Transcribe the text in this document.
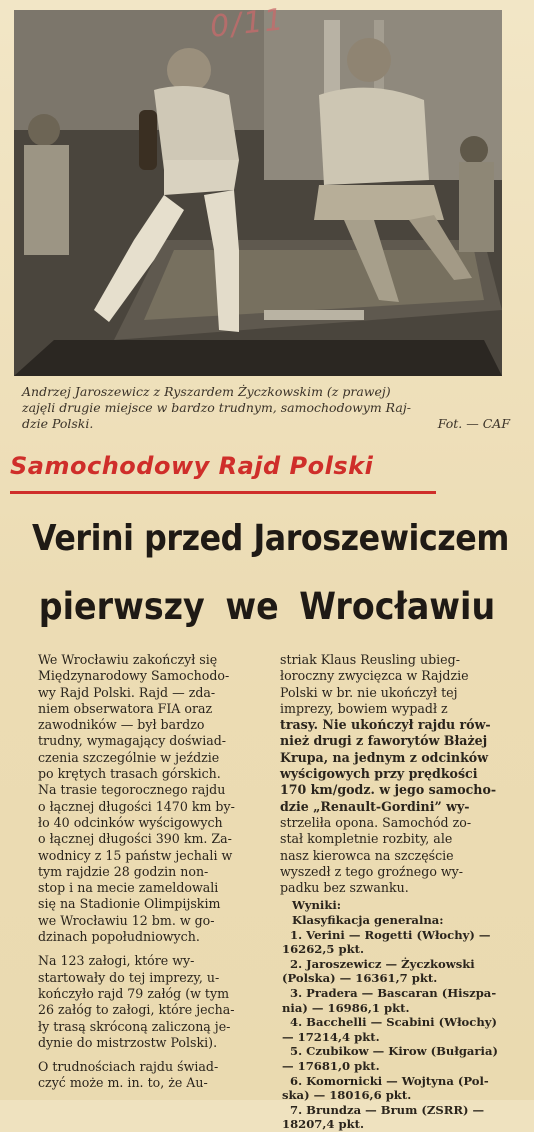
0/11
Andrzej Jaroszewicz z Ryszardem Życzkowskim (z prawej)
zajęli drugie miejsce w bardzo trudnym, samochodowym Raj-
dzie Polski.	Fot. — CAF
Samochodowy Rajd Polski
Verini przed Jaroszewiczem
pierwszy we Wrocławiu

We Wrocławiu zakończył się
Międzynarodowy Samochodo-
wy Rajd Polski. Rajd — zda-
niem obserwatora FIA oraz
zawodników — był bardzo
trudny, wymagający doświad-
czenia szczególnie w jeździe
po krętych trasach górskich.
Na trasie tegorocznego rajdu
o łącznej długości 1470 km by-
ło 40 odcinków wyścigowych
o łącznej długości 390 km. Za-
wodnicy z 15 państw jechali w
tym rajdzie 28 godzin non-
stop i na mecie zameldowali
się na Stadionie Olimpijskim
we Wrocławiu 12 bm. w go-
dzinach popołudniowych.

Na 123 załogi, które wy-
startowały do tej imprezy, u-
kończyło rajd 79 załóg (w tym
26 załóg to załogi, które jecha-
ły trasą skróconą zaliczoną je-
dynie do mistrzostw Polski).

O trudnościach rajdu świad-
czyć może m. in. to, że Au-

striak Klaus Reusling ubieg-
łoroczny zwycięzca w Rajdzie
Polski w br. nie ukończył tej
imprezy, bowiem wypadł z
trasy. Nie ukończył rajdu rów-
nież drugi z faworytów Błażej
Krupa, na jednym z odcinków
wyścigowych przy prędkości
170 km/godz. w jego samocho-
dzie „Renault-Gordini” wy-
strzeliła opona. Samochód zo-
stał kompletnie rozbity, ale
nasz kierowca na szczęście
wyszedł z tego groźnego wy-
padku bez szwanku.
Wyniki:
Klasyfikacja generalna:
1. Verini — Rogetti (Włochy) —
16262,5 pkt.
2. Jaroszewicz — Życzkowski
(Polska) — 16361,7 pkt.
3. Pradera — Bascaran (Hiszpa-
nia) — 16986,1 pkt.
4. Bacchelli — Scabini (Włochy)
— 17214,4 pkt.
5. Czubikow — Kirow (Bułgaria)
— 17681,0 pkt.
6. Komornicki — Wojtyna (Pol-
ska) — 18016,6 pkt.
7. Brundza — Brum (ZSRR) —
18207,4 pkt.
